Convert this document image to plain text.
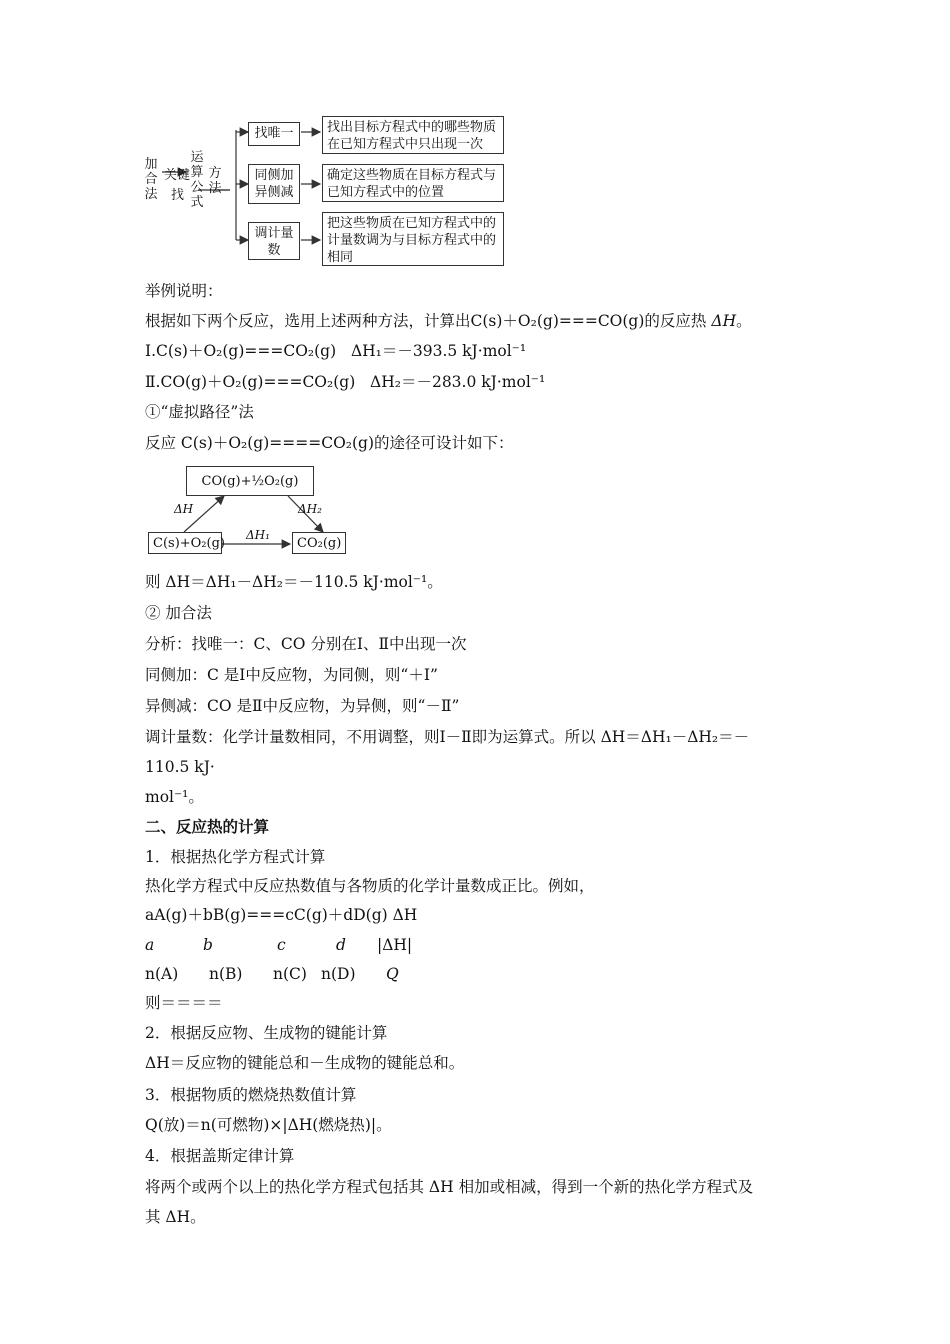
加合法
关键
找
运算公式
方法
找唯一
同侧加异侧减
调计量数
找出目标方程式中的哪些物质在已知方程式中只出现一次
确定这些物质在目标方程式与已知方程式中的位置
把这些物质在已知方程式中的计量数调为与目标方程式中的相同
举例说明：
根据如下两个反应，选用上述两种方法，计算出C(s)＋O₂(g)===CO(g)的反应热 ΔH。
Ⅰ.C(s)＋O₂(g)===CO₂(g) ΔH₁＝－393.5 kJ·mol⁻¹
Ⅱ.CO(g)＋O₂(g)===CO₂(g) ΔH₂＝－283.0 kJ·mol⁻¹
①“虚拟路径”法
反应 C(s)＋O₂(g)====CO₂(g)的途径可设计如下：
CO(g)+½O₂(g)
C(s)+O₂(g)	CO₂(g)
ΔH
ΔH₁
ΔH₂
则 ΔH＝ΔH₁－ΔH₂＝－110.5 kJ·mol⁻¹。
② 加合法
分析：找唯一：C、CO 分别在Ⅰ、Ⅱ中出现一次
同侧加：C 是Ⅰ中反应物，为同侧，则“＋Ⅰ”
异侧减：CO 是Ⅱ中反应物，为异侧，则“－Ⅱ”
调计量数：化学计量数相同，不用调整，则Ⅰ－Ⅱ即为运算式。所以 ΔH＝ΔH₁－ΔH₂＝－
110.5 kJ·
mol⁻¹。
二、反应热的计算
1．根据热化学方程式计算
热化学方程式中反应热数值与各物质的化学计量数成正比。例如，
aA(g)＋bB(g)===cC(g)＋dD(g) ΔH
a	b	c	d |ΔH|
n(A) n(B) n(C) n(D) Q
则＝＝＝＝
2．根据反应物、生成物的键能计算
ΔH＝反应物的键能总和－生成物的键能总和。
3．根据物质的燃烧热数值计算
Q(放)＝n(可燃物)×|ΔH(燃烧热)|。
4．根据盖斯定律计算
将两个或两个以上的热化学方程式包括其 ΔH 相加或相减，得到一个新的热化学方程式及
其 ΔH。
